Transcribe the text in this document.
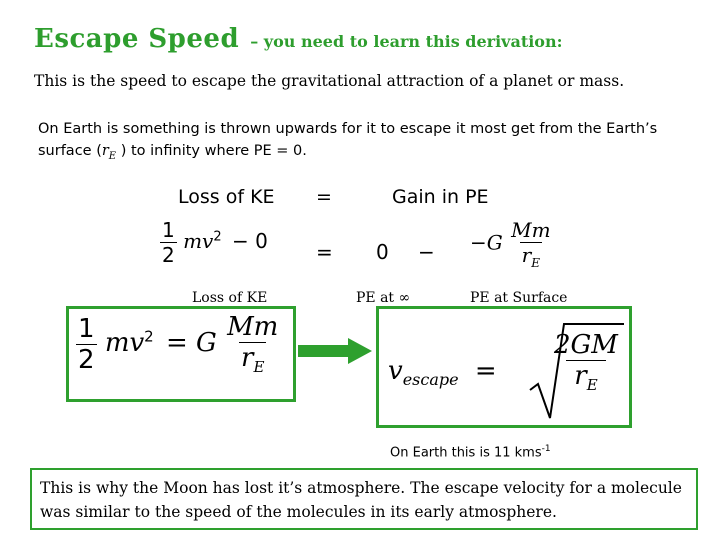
Escape Speed – you need to learn this derivation:
This is the speed to escape the gravitational attraction of a planet or mass.
On Earth is something is thrown upwards for it to escape it most get from the Earth’s surface ($r_E$ ) to infinity where PE = 0.
Loss of KE =	Gain in PE
$\frac{1}{2} mv^2 - 0 = 0 - -G \frac{Mm}{r_E}$
Loss of KE	PE at ∞	PE at Surface
$\frac{1}{2} mv^2 = G \frac{Mm}{r_E}$	$v_{escape} = \frac{2GM}{r_E}$
On Earth this is 11 kms$^{-1}$
This is why the Moon has lost it’s atmosphere. The escape velocity for a molecule was similar to the speed of the molecules in its early atmosphere.
